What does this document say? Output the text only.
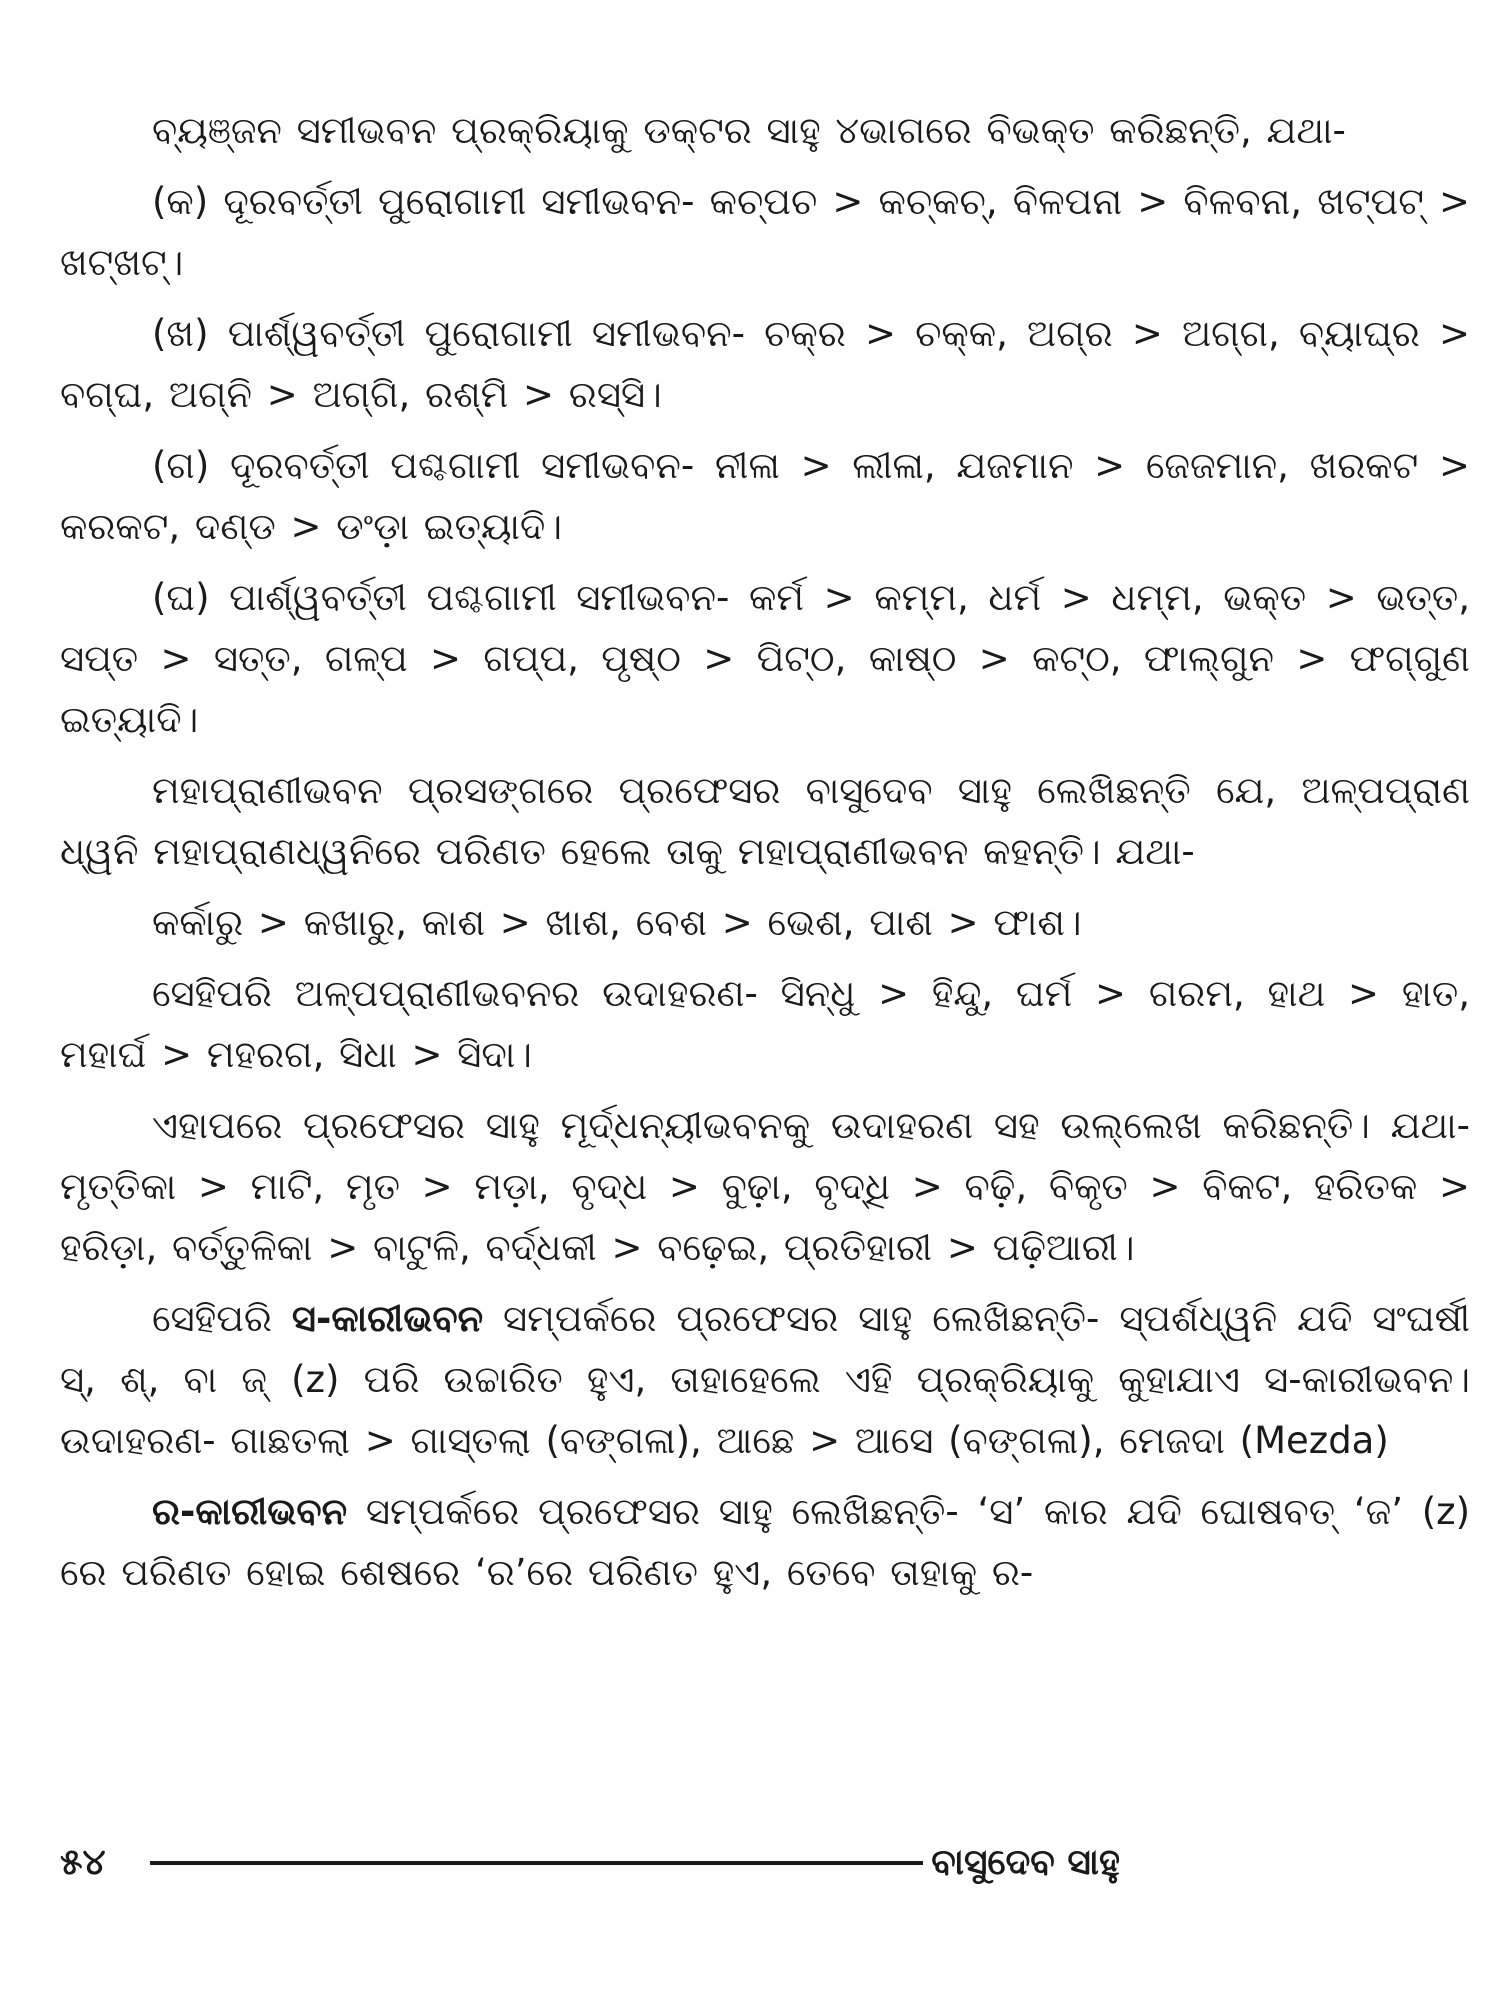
ବ୍ୟଞ୍ଜନ ସମୀଭବନ ପ୍ରକ୍ରିୟାକୁ ଡକ୍ଟର ସାହୁ ୪ଭାଗରେ ବିଭକ୍ତ କରିଛନ୍ତି, ଯଥା-

(କ) ଦୂରବର୍ତ୍ତୀ ପୁରୋଗାମୀ ସମୀଭବନ- କଚ୍‌ପଚ > କଚ୍‌କଚ୍, ବିଳପନା > ବିଳବନା, ଖଟ୍‌ପଟ୍ > ଖଟ୍‌ଖଟ୍।

(ଖ) ପାର୍ଶ୍ୱବର୍ତ୍ତୀ ପୁରୋଗାମୀ ସମୀଭବନ- ଚକ୍ର > ଚକ୍‌କ, ଅଗ୍ର > ଅଗ୍‌ଗ, ବ୍ୟାଘ୍ର > ବଗ୍‌ଘ, ଅଗ୍ନି > ଅଗ୍‌ଗି, ରଶ୍ମି > ରସ୍‌ସି।

(ଗ) ଦୂରବର୍ତ୍ତୀ ପଶ୍ଚଗାମୀ ସମୀଭବନ- ନୀଳା > ଲୀଳା, ଯଜମାନ > ଜେଜମାନ, ଖରକଟ > କରକଟ, ଦଣ୍ଡ > ଡଂଡ଼ା ଇତ୍ୟାଦି।

(ଘ) ପାର୍ଶ୍ୱବର୍ତ୍ତୀ ପଶ୍ଚଗାମୀ ସମୀଭବନ- କର୍ମ > କମ୍ମ, ଧର୍ମ > ଧମ୍ମ, ଭକ୍ତ > ଭତ୍ତ, ସପ୍ତ > ସତ୍ତ, ଗଳ୍ପ > ଗପ୍‌ପ, ପୃଷ୍ଠ > ପିଟ୍‌ଠ, କାଷ୍ଠ > କଟ୍‌ଠ, ଫାଲ୍‌ଗୁନ > ଫଗ୍‌ଗୁଣ ଇତ୍ୟାଦି।

ମହାପ୍ରାଣୀଭବନ ପ୍ରସଙ୍ଗରେ ପ୍ରଫେସର ବାସୁଦେବ ସାହୁ ଲେଖିଛନ୍ତି ଯେ, ଅଳ୍ପପ୍ରାଣ ଧ୍ୱନି ମହାପ୍ରାଣଧ୍ୱନିରେ ପରିଣତ ହେଲେ ତାକୁ ମହାପ୍ରାଣୀଭବନ କହନ୍ତି। ଯଥା-

କର୍କାରୁ > କଖାରୁ, କାଶ > ଖାଶ, ବେଶ > ଭେଶ, ପାଶ > ଫାଶ।

ସେହିପରି ଅଳ୍ପପ୍ରାଣୀଭବନର ଉଦାହରଣ- ସିନ୍ଧୁ > ହିନ୍ଦୁ, ଘର୍ମ > ଗରମ, ହାଥ > ହାତ, ମହାର୍ଘ > ମହରଗ, ସିଧା > ସିଦା।

ଏହାପରେ ପ୍ରଫେସର ସାହୁ ମୂର୍ଦ୍ଧନ୍ୟୀଭବନକୁ ଉଦାହରଣ ସହ ଉଲ୍ଲେଖ କରିଛନ୍ତି। ଯଥା-ମୃତ୍ତିକା > ମାଟି, ମୃତ > ମଡ଼ା, ବୃଦ୍ଧ > ବୁଢ଼ା, ବୃଦ୍ଧି > ବଢ଼ି, ବିକୃତ > ବିକଟ, ହରିତକ > ହରିଡ଼ା, ବର୍ତ୍ତୁଳିକା > ବାଟୁଳି, ବର୍ଦ୍ଧକୀ > ବଢ଼େଇ, ପ୍ରତିହାରୀ > ପଢ଼ିଆରୀ।

ସେହିପରି ସ-କାରୀଭବନ ସମ୍ପର୍କରେ ପ୍ରଫେସର ସାହୁ ଲେଖିଛନ୍ତି- ସ୍ପର୍ଶଧ୍ୱନି ଯଦି ସଂଘର୍ଷୀ ସ୍, ଶ୍, ବା ଜ୍ (z) ପରି ଉଚ୍ଚାରିତ ହୁଏ, ତାହାହେଲେ ଏହି ପ୍ରକ୍ରିୟାକୁ କୁହାଯାଏ ସ-କାରୀଭବନ। ଉଦାହରଣ- ଗାଛତଲା > ଗାସ୍‌ତଲା (ବଙ୍ଗଳା), ଆଛେ > ଆସେ (ବଙ୍ଗଳା), ମେଜଦା (Mezda)

ର-କାରୀଭବନ ସମ୍ପର୍କରେ ପ୍ରଫେସର ସାହୁ ଲେଖିଛନ୍ତି- ‘ସ’ କାର ଯଦି ଘୋଷବତ୍ ‘ଜ’ (z) ରେ ପରିଣତ ହୋଇ ଶେଷରେ ‘ର’ରେ ପରିଣତ ହୁଏ, ତେବେ ତାହାକୁ ର-

୫୪	ବାସୁଦେବ ସାହୁ
